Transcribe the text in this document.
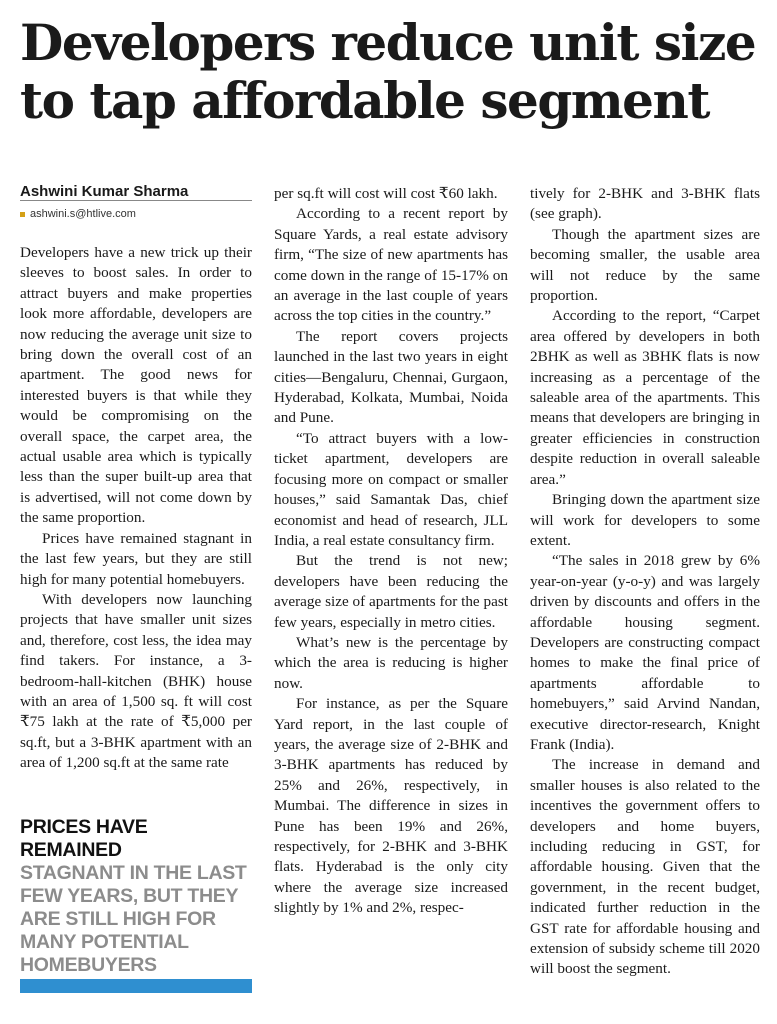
Developers reduce unit size to tap affordable segment

Ashwini Kumar Sharma

ashwini.s@htlive.com

Developers have a new trick up their sleeves to boost sales. In order to attract buyers and make properties look more affordable, developers are now reducing the average unit size to bring down the overall cost of an apartment. The good news for interested buyers is that while they would be compromising on the overall space, the carpet area, the actual usable area which is typically less than the super built-up area that is advertised, will not come down by the same proportion.

Prices have remained stagnant in the last few years, but they are still high for many potential homebuyers.

With developers now launching projects that have smaller unit sizes and, therefore, cost less, the idea may find takers. For instance, a 3-bedroom-hall-kitchen (BHK) house with an area of 1,500 sq. ft will cost ₹75 lakh at the rate of ₹5,000 per sq.ft, but a 3-BHK apartment with an area of 1,200 sq.ft at the same rate

PRICES HAVE REMAINED
STAGNANT IN THE LAST FEW YEARS, BUT THEY ARE STILL HIGH FOR MANY POTENTIAL HOMEBUYERS

per sq.ft will cost will cost ₹60 lakh.

According to a recent report by Square Yards, a real estate advisory firm, “The size of new apartments has come down in the range of 15-17% on an average in the last couple of years across the top cities in the country.”

The report covers projects launched in the last two years in eight cities—Bengaluru, Chennai, Gurgaon, Hyderabad, Kolkata, Mumbai, Noida and Pune.

“To attract buyers with a low-ticket apartment, developers are focusing more on compact or smaller houses,” said Samantak Das, chief economist and head of research, JLL India, a real estate consultancy firm.

But the trend is not new; developers have been reducing the average size of apartments for the past few years, especially in metro cities.

What’s new is the percentage by which the area is reducing is higher now.

For instance, as per the Square Yard report, in the last couple of years, the average size of 2-BHK and 3-BHK apartments has reduced by 25% and 26%, respectively, in Mumbai. The difference in sizes in Pune has been 19% and 26%, respectively, for 2-BHK and 3-BHK flats. Hyderabad is the only city where the average size increased slightly by 1% and 2%, respec-

tively for 2-BHK and 3-BHK flats (see graph).

Though the apartment sizes are becoming smaller, the usable area will not reduce by the same proportion.

According to the report, “Carpet area offered by developers in both 2BHK as well as 3BHK flats is now increasing as a percentage of the saleable area of the apartments. This means that developers are bringing in greater efficiencies in construction despite reduction in overall saleable area.”

Bringing down the apartment size will work for developers to some extent.

“The sales in 2018 grew by 6% year-on-year (y-o-y) and was largely driven by discounts and offers in the affordable housing segment. Developers are constructing compact homes to make the final price of apartments affordable to homebuyers,” said Arvind Nandan, executive director-research, Knight Frank (India).

The increase in demand and smaller houses is also related to the incentives the government offers to developers and home buyers, including reducing in GST, for affordable housing. Given that the government, in the recent budget, indicated further reduction in the GST rate for affordable housing and extension of subsidy scheme till 2020 will boost the segment.
